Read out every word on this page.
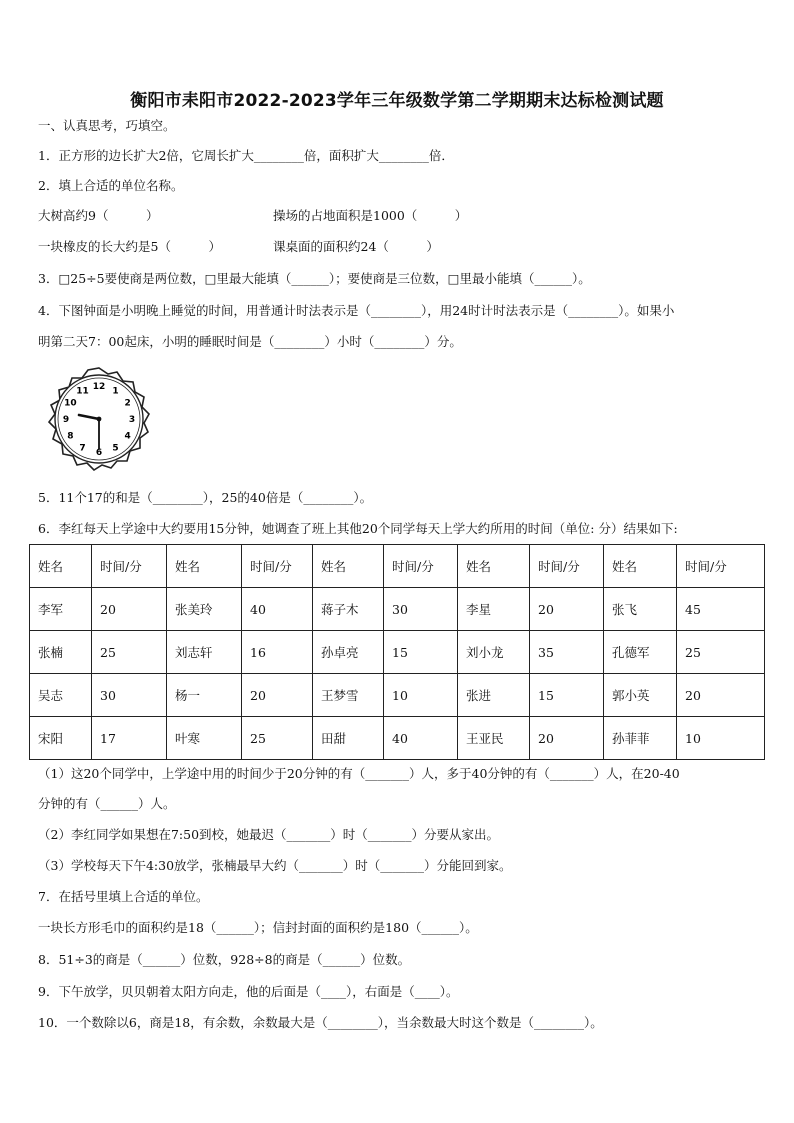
衡阳市耒阳市2022-2023学年三年级数学第二学期期末达标检测试题
一、认真思考，巧填空。
1．正方形的边长扩大2倍，它周长扩大________倍，面积扩大________倍．
2．填上合适的单位名称。
大树高约9（　　　）	操场的占地面积是1000（　　　）
一块橡皮的长大约是5（　　　）	课桌面的面积约24（　　　）
3．□25÷5要使商是两位数，□里最大能填（______）；要使商是三位数，□里最小能填（______）。
4．下图钟面是小明晚上睡觉的时间，用普通计时法表示是（________），用24时计时法表示是（________）。如果小
明第二天7：00起床，小明的睡眠时间是（________）小时（________）分。
12 1
2
3
4
5
6
7
8
9
10
11
5．11个17的和是（________），25的40倍是（________）。
6．李红每天上学途中大约要用15分钟，她调查了班上其他20个同学每天上学大约所用的时间（单位: 分）结果如下:
姓名	时间/分	姓名	时间/分	姓名	时间/分	姓名	时间/分	姓名	时间/分
李军	20	张美玲	40	蒋子木	30	李星	20	张飞	45
张楠	25	刘志轩	16	孙卓亮	15	刘小龙	35	孔德军	25
吴志	30	杨一	20	王梦雪	10	张进	15	郭小英	20
宋阳	17	叶寒	25	田甜	40	王亚民	20	孙菲菲	10
（1）这20个同学中，上学途中用的时间少于20分钟的有（_______）人，多于40分钟的有（_______）人，在20-40
分钟的有（______）人。
（2）李红同学如果想在7:50到校，她最迟（_______）时（_______）分要从家出。
（3）学校每天下午4:30放学，张楠最早大约（_______）时（_______）分能回到家。
7．在括号里填上合适的单位。
一块长方形毛巾的面积约是18（______）；信封封面的面积约是180（______）。
8．51÷3的商是（______）位数，928÷8的商是（______）位数。
9．下午放学，贝贝朝着太阳方向走，他的后面是（____），右面是（____）。
10．一个数除以6，商是18，有余数，余数最大是（________），当余数最大时这个数是（________）。
